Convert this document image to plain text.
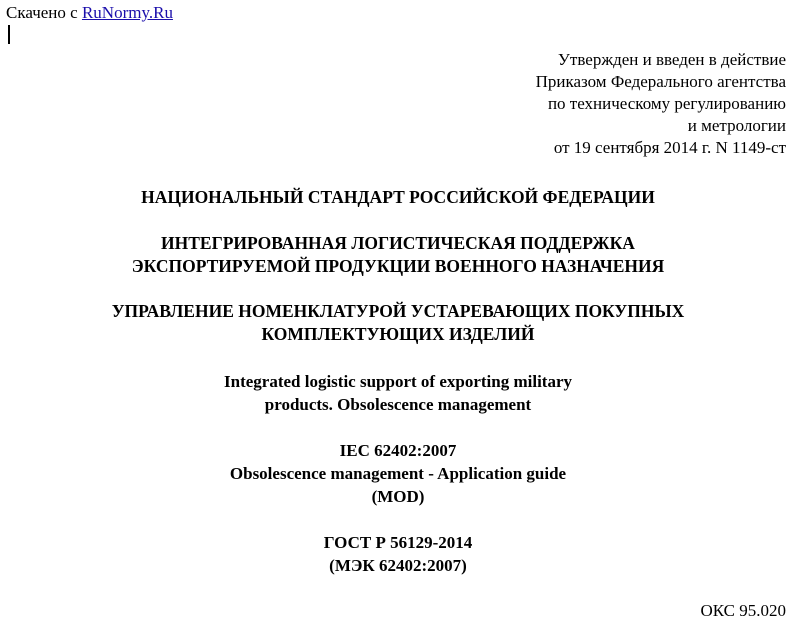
Скачено с RuNormy.Ru
Утвержден и введен в действие
Приказом Федерального агентства
по техническому регулированию
и метрологии
от 19 сентября 2014 г. N 1149-ст
НАЦИОНАЛЬНЫЙ СТАНДАРТ РОССИЙСКОЙ ФЕДЕРАЦИИ
ИНТЕГРИРОВАННАЯ ЛОГИСТИЧЕСКАЯ ПОДДЕРЖКА
ЭКСПОРТИРУЕМОЙ ПРОДУКЦИИ ВОЕННОГО НАЗНАЧЕНИЯ
УПРАВЛЕНИЕ НОМЕНКЛАТУРОЙ УСТАРЕВАЮЩИХ ПОКУПНЫХ
КОМПЛЕКТУЮЩИХ ИЗДЕЛИЙ
Integrated logistic support of exporting military
products. Obsolescence management
IEC 62402:2007
Obsolescence management - Application guide
(MOD)
ГОСТ Р 56129-2014
(МЭК 62402:2007)
ОКС 95.020
